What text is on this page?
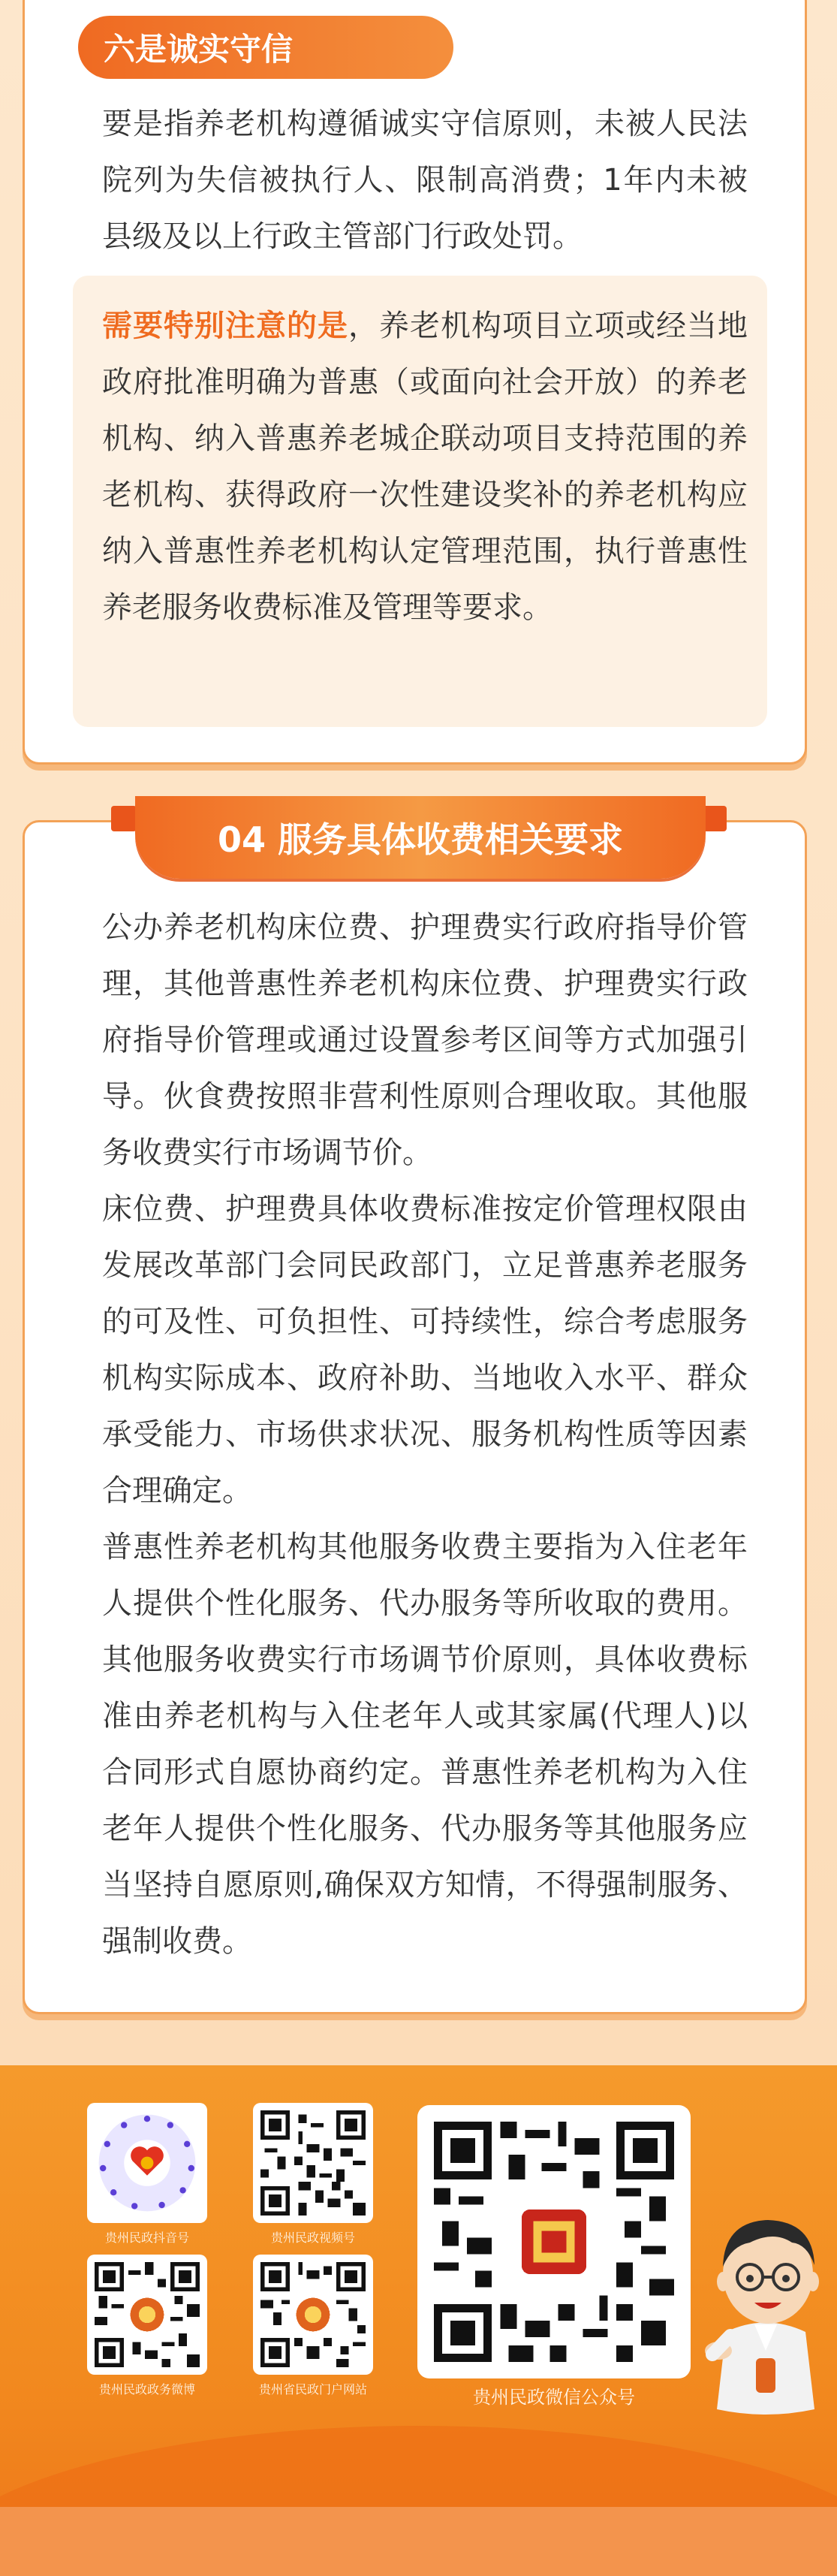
六是诚实守信
要是指养老机构遵循诚实守信原则，未被人民法院列为失信被执行人、限制高消费；1年内未被县级及以上行政主管部门行政处罚。
需要特别注意的是，养老机构项目立项或经当地政府批准明确为普惠（或面向社会开放）的养老机构、纳入普惠养老城企联动项目支持范围的养老机构、获得政府一次性建设奖补的养老机构应纳入普惠性养老机构认定管理范围，执行普惠性养老服务收费标准及管理等要求。
04 服务具体收费相关要求
公办养老机构床位费、护理费实行政府指导价管理，其他普惠性养老机构床位费、护理费实行政府指导价管理或通过设置参考区间等方式加强引导。伙食费按照非营利性原则合理收取。其他服务收费实行市场调节价。
床位费、护理费具体收费标准按定价管理权限由发展改革部门会同民政部门，立足普惠养老服务的可及性、可负担性、可持续性，综合考虑服务机构实际成本、政府补助、当地收入水平、群众承受能力、市场供求状况、服务机构性质等因素合理确定。
普惠性养老机构其他服务收费主要指为入住老年人提供个性化服务、代办服务等所收取的费用。其他服务收费实行市场调节价原则，具体收费标准由养老机构与入住老年人或其家属(代理人)以合同形式自愿协商约定。普惠性养老机构为入住老年人提供个性化服务、代办服务等其他服务应当坚持自愿原则,确保双方知情，不得强制服务、强制收费。
贵州民政抖音号	贵州民政视频号
贵州民政政务微博	贵州省民政门户网站	贵州民政微信公众号
